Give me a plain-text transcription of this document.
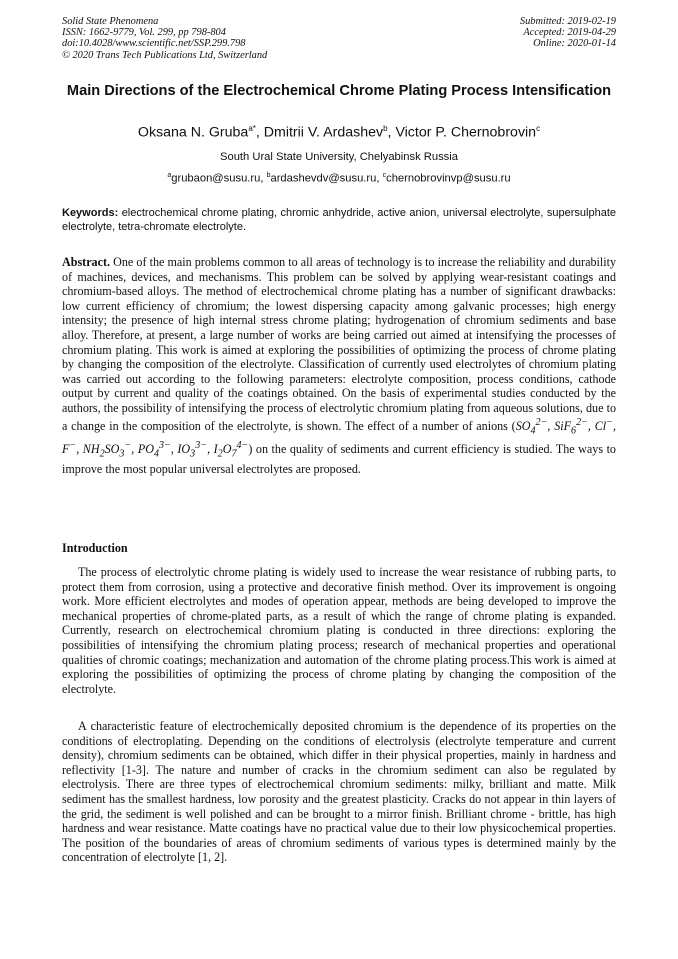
Solid State Phenomena
ISSN: 1662-9779, Vol. 299, pp 798-804
doi:10.4028/www.scientific.net/SSP.299.798
© 2020 Trans Tech Publications Ltd, Switzerland
Submitted: 2019-02-19
Accepted: 2019-04-29
Online: 2020-01-14
Main Directions of the Electrochemical Chrome Plating Process Intensification
Oksana N. Gruba$^{a*}$, Dmitrii V. Ardashev$^b$, Victor P. Chernobrovin$^c$
South Ural State University, Chelyabinsk Russia
$^a$grubaon@susu.ru, $^b$ardashevdv@susu.ru, $^c$chernobrovinvp@susu.ru
Keywords: electrochemical chrome plating, chromic anhydride, active anion, universal electrolyte, supersulphate electrolyte, tetra-chromate electrolyte.
Abstract. One of the main problems common to all areas of technology is to increase the reliability and durability of machines, devices, and mechanisms. This problem can be solved by applying wear-resistant coatings and chromium-based alloys. The method of electrochemical chrome plating has a number of significant drawbacks: low current efficiency of chromium; the lowest dispersing capacity among galvanic processes; high energy intensity; the presence of high internal stress chrome plating; hydrogenation of chromium sediments and base alloy. Therefore, at present, a large number of works are being carried out aimed at intensifying the processes of chromium plating. This work is aimed at exploring the possibilities of optimizing the process of chrome plating by changing the composition of the electrolyte. Classification of currently used electrolytes of chromium plating was carried out according to the following parameters: electrolyte composition, process conditions, cathode output by current and quality of the coatings obtained. On the basis of experimental studies conducted by the authors, the possibility of intensifying the process of electrolytic chromium plating from aqueous solutions, due to a change in the composition of the electrolyte, is shown. The effect of a number of anions ($SO_4^{2-}$, SiF$_6^{2-}$, Cl−, F−, $NH_2SO_3^-$, $PO_4^{3-}$, $IO_3^{3-}$, $I_2O_7^{4-}$) on the quality of sediments and current efficiency is studied. The ways to improve the most popular universal electrolytes are proposed.
Introduction
The process of electrolytic chrome plating is widely used to increase the wear resistance of rubbing parts, to protect them from corrosion, using a protective and decorative finish method. Over its improvement is ongoing work. More efficient electrolytes and modes of operation appear, methods are being developed to improve the mechanical properties of chrome-plated parts, as a result of which the range of chrome plating is expanded. Currently, research on electrochemical chromium plating is conducted in three directions: exploring the possibilities of intensifying the chromium plating process; research of mechanical properties and operational qualities of chromic coatings; mechanization and automation of the chrome plating process.This work is aimed at exploring the possibilities of optimizing the process of chrome plating by changing the composition of the electrolyte.
A characteristic feature of electrochemically deposited chromium is the dependence of its properties on the conditions of electroplating. Depending on the conditions of electrolysis (electrolyte temperature and current density), chromium sediments can be obtained, which differ in their physical properties, mainly in hardness and reflectivity [1-3]. The nature and number of cracks in the chromium sediment can also be regulated by electrolysis. There are three types of electrochemical chromium sediments: milky, brilliant and matte. Milk sediment has the smallest hardness, low porosity and the greatest plasticity. Cracks do not appear in thin layers of the grid, the sediment is well polished and can be brought to a mirror finish. Brilliant chrome - brittle, has high hardness and wear resistance. Matte coatings have no practical value due to their low physicochemical properties. The position of the boundaries of areas of chromium sediments of various types is determined mainly by the concentration of electrolyte [1, 2].
